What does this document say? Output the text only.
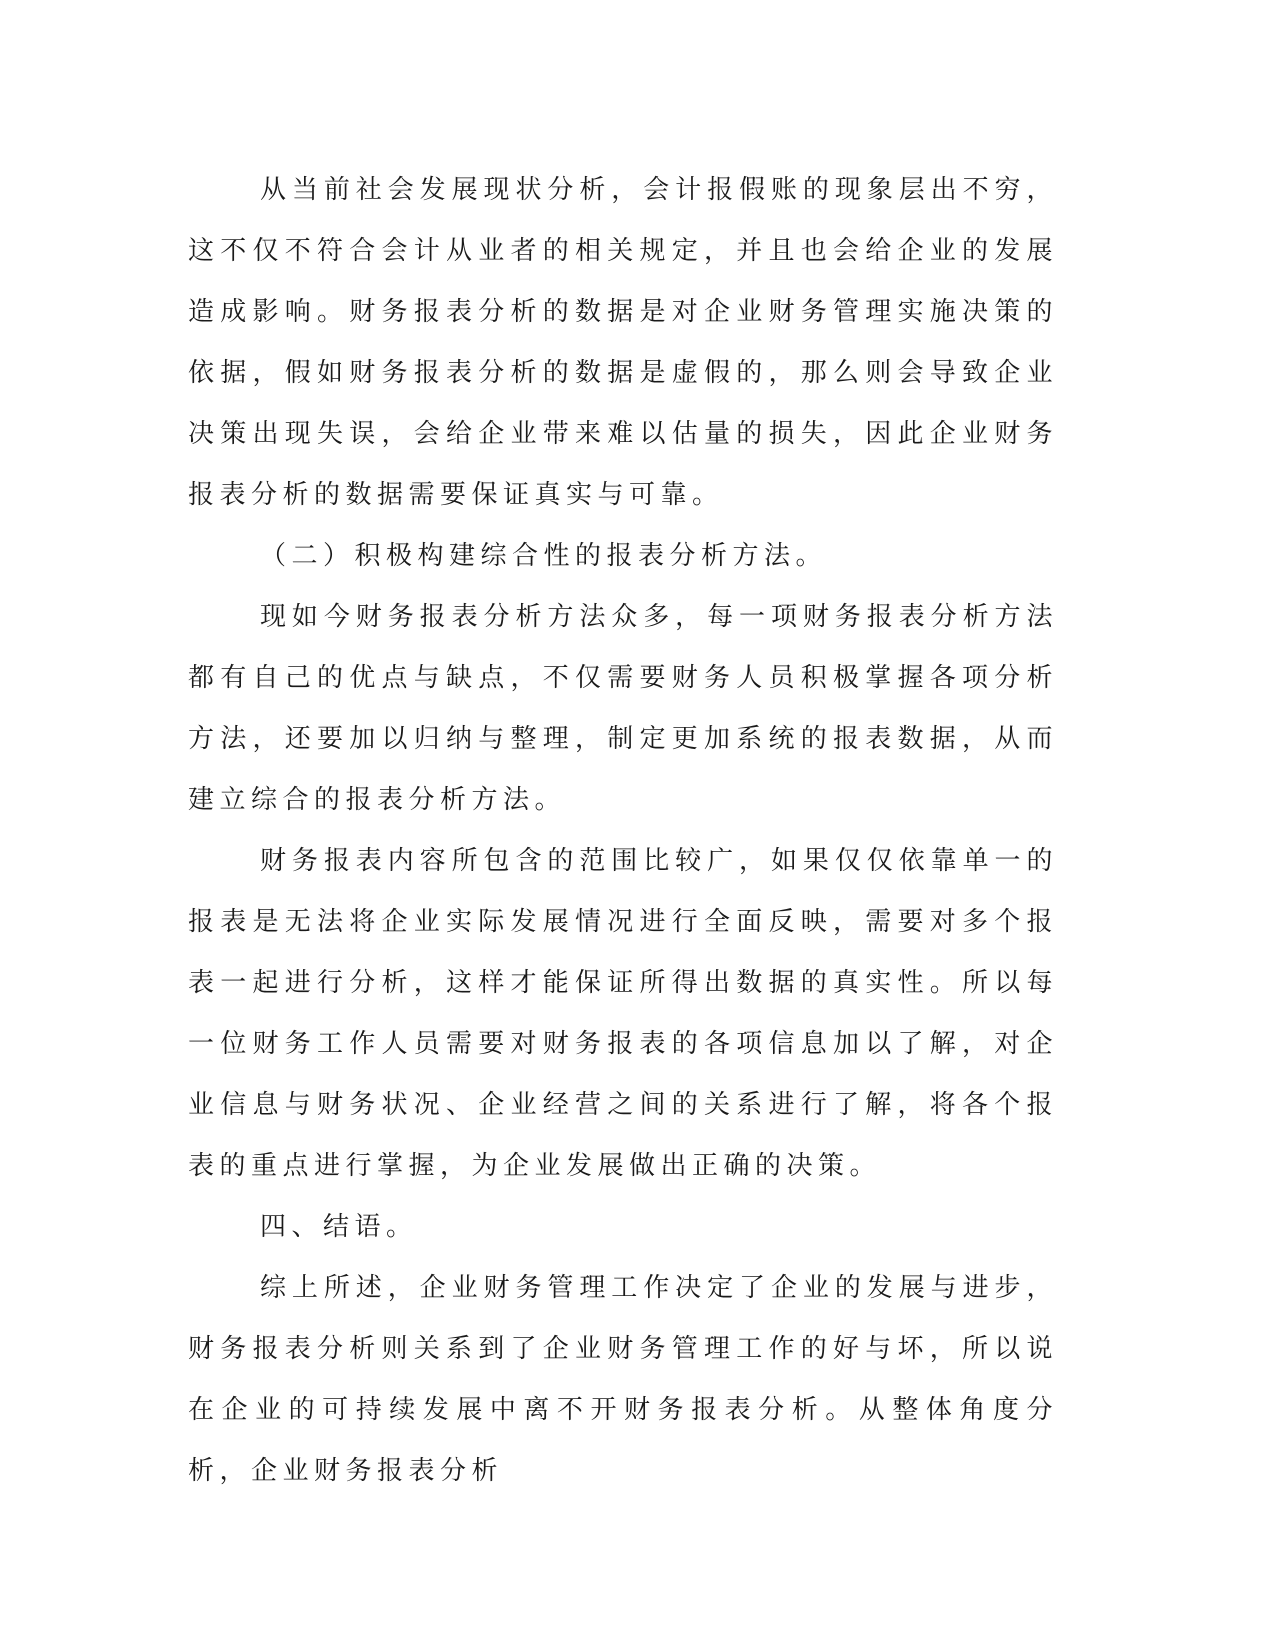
从当前社会发展现状分析，会计报假账的现象层出不穷，这不仅不符合会计从业者的相关规定，并且也会给企业的发展造成影响。财务报表分析的数据是对企业财务管理实施决策的依据，假如财务报表分析的数据是虚假的，那么则会导致企业决策出现失误，会给企业带来难以估量的损失，因此企业财务报表分析的数据需要保证真实与可靠。

（二）积极构建综合性的报表分析方法。

现如今财务报表分析方法众多，每一项财务报表分析方法都有自己的优点与缺点，不仅需要财务人员积极掌握各项分析方法，还要加以归纳与整理，制定更加系统的报表数据，从而建立综合的报表分析方法。

财务报表内容所包含的范围比较广，如果仅仅依靠单一的报表是无法将企业实际发展情况进行全面反映，需要对多个报表一起进行分析，这样才能保证所得出数据的真实性。所以每一位财务工作人员需要对财务报表的各项信息加以了解，对企业信息与财务状况、企业经营之间的关系进行了解，将各个报表的重点进行掌握，为企业发展做出正确的决策。

四、结语。

综上所述，企业财务管理工作决定了企业的发展与进步，财务报表分析则关系到了企业财务管理工作的好与坏，所以说在企业的可持续发展中离不开财务报表分析。从整体角度分析，企业财务报表分析
